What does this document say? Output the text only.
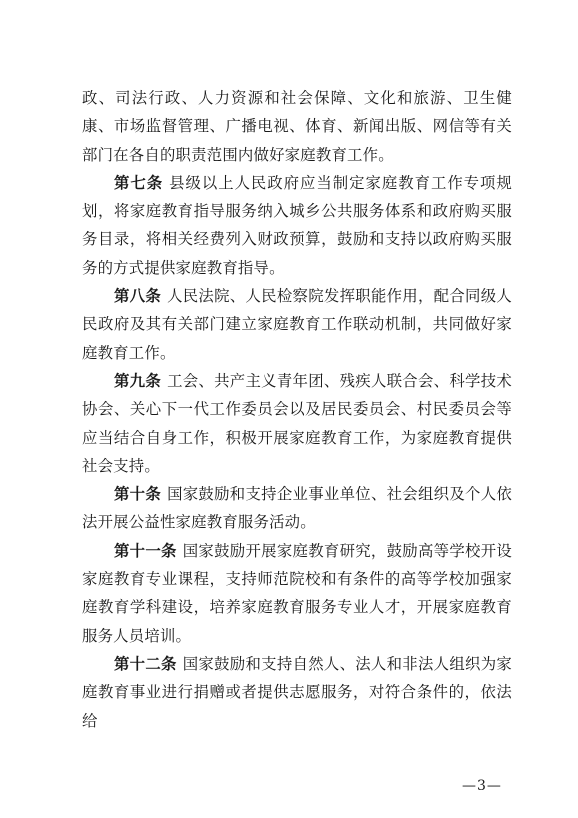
政、司法行政、人力资源和社会保障、文化和旅游、卫生健康、市场监督管理、广播电视、体育、新闻出版、网信等有关部门在各自的职责范围内做好家庭教育工作。

第七条 县级以上人民政府应当制定家庭教育工作专项规划，将家庭教育指导服务纳入城乡公共服务体系和政府购买服务目录，将相关经费列入财政预算，鼓励和支持以政府购买服务的方式提供家庭教育指导。

第八条 人民法院、人民检察院发挥职能作用，配合同级人民政府及其有关部门建立家庭教育工作联动机制，共同做好家庭教育工作。

第九条 工会、共产主义青年团、残疾人联合会、科学技术协会、关心下一代工作委员会以及居民委员会、村民委员会等应当结合自身工作，积极开展家庭教育工作，为家庭教育提供社会支持。

第十条 国家鼓励和支持企业事业单位、社会组织及个人依法开展公益性家庭教育服务活动。

第十一条 国家鼓励开展家庭教育研究，鼓励高等学校开设家庭教育专业课程，支持师范院校和有条件的高等学校加强家庭教育学科建设，培养家庭教育服务专业人才，开展家庭教育服务人员培训。

第十二条 国家鼓励和支持自然人、法人和非法人组织为家庭教育事业进行捐赠或者提供志愿服务，对符合条件的，依法给

—3—
